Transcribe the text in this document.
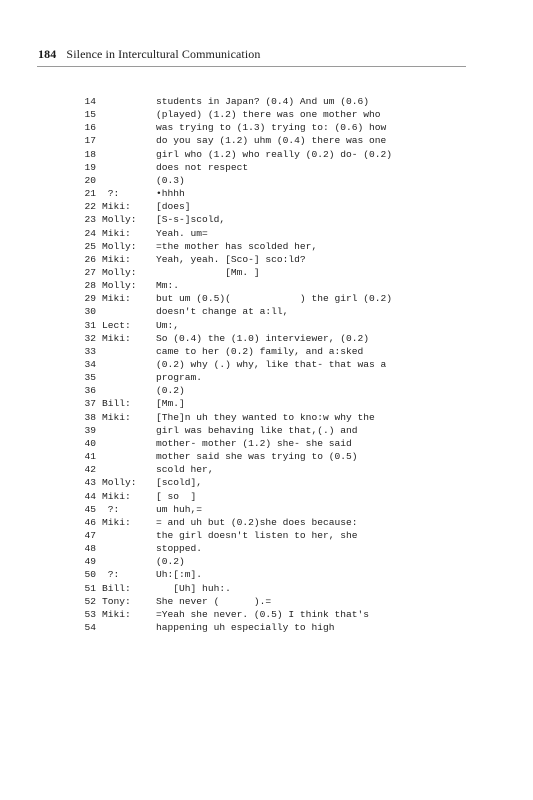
184 Silence in Intercultural Communication
14	students in Japan? (0.4) And um (0.6)
15	(played) (1.2) there was one mother who
16	was trying to (1.3) trying to: (0.6) how
17	do you say (1.2) uhm (0.4) there was one
18	girl who (1.2) who really (0.2) do- (0.2)
19	does not respect
20	(0.3)
21 ?:	•hhhh
22 Miki:	[does]
23 Molly: [S-s-]scold,
24 Miki:	Yeah. um=
25 Molly: =the mother has scolded her,
26 Miki:	Yeah, yeah. [Sco-] sco:ld?
27 Molly: [Mm. ]
28 Molly: Mm:.
29 Miki:	but um (0.5)(            ) the girl (0.2)
30	doesn't change at a:ll,
31 Lect:	Um:,
32 Miki:	So (0.4) the (1.0) interviewer, (0.2)
33	came to her (0.2) family, and a:sked
34	(0.2) why (.) why, like that- that was a
35	program.
36	(0.2)
37 Bill:	[Mm.]
38 Miki:	[The]n uh they wanted to kno:w why the
39	girl was behaving like that,(.) and
40	mother- mother (1.2) she- she said
41	mother said she was trying to (0.5)
42	scold her,
43 Molly: [scold],
44 Miki:	[ so  ]
45 ?:	um huh,=
46 Miki:	= and uh but (0.2)she does because:
47	the girl doesn't listen to her, she
48	stopped.
49	(0.2)
50 ?:	Uh:[:m].
51 Bill:	[Uh] huh:.
52 Tony:	She never (      ).=
53 Miki:	=Yeah she never. (0.5) I think that's
54	happening uh especially to high
